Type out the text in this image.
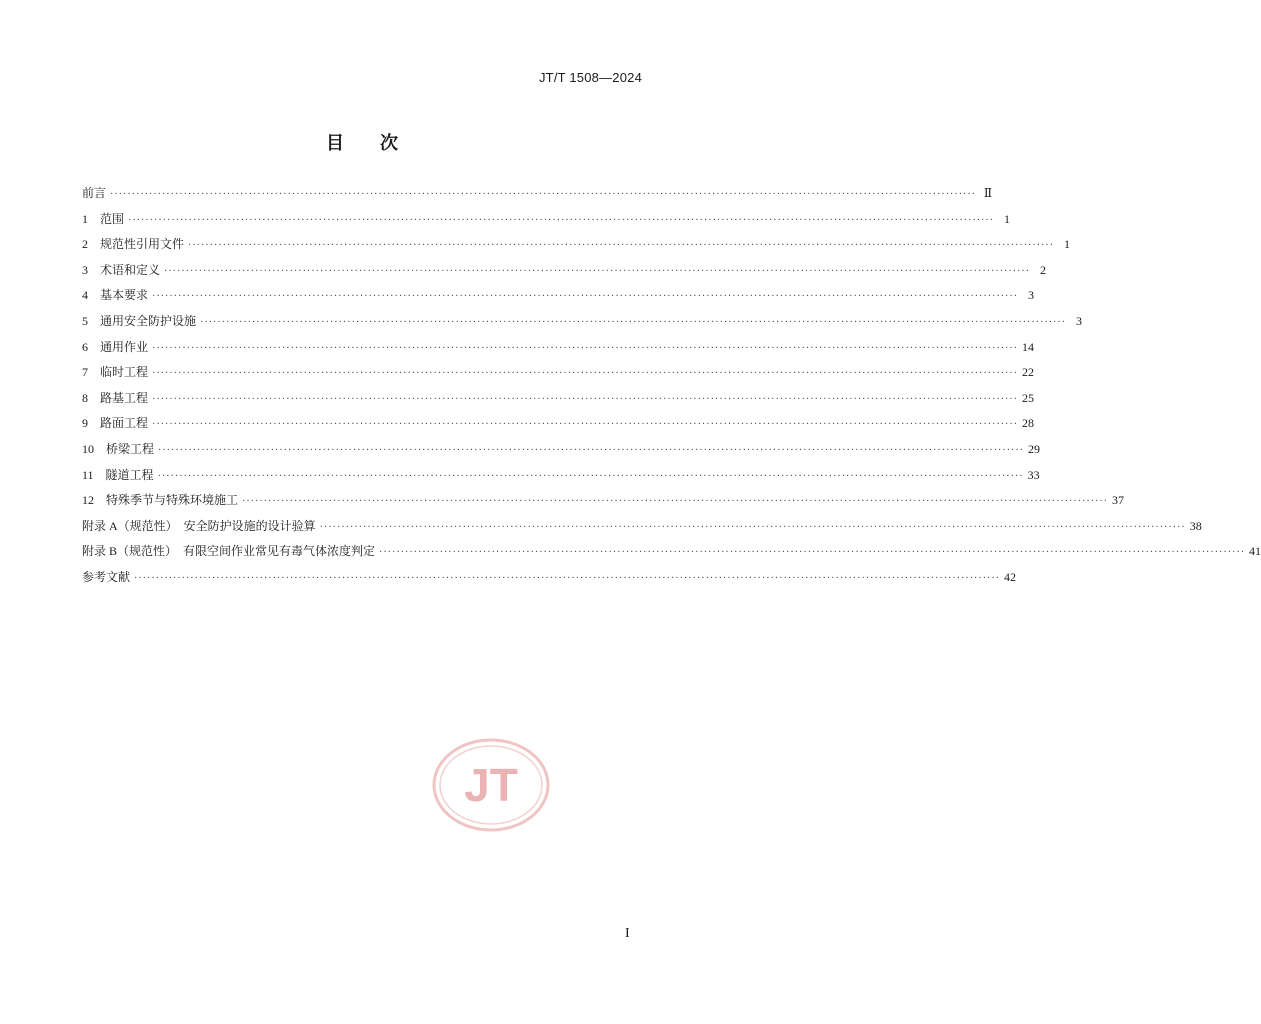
JT/T 1508—2024
目　　次
前言 ········································································································································································································ Ⅱ
1　范围 ········································································································································································································ 1
2　规范性引用文件 ········································································································································································································ 1
3　术语和定义 ········································································································································································································ 2
4　基本要求 ········································································································································································································ 3
5　通用安全防护设施 ········································································································································································································ 3
6　通用作业 ········································································································································································································ 14
7　临时工程 ········································································································································································································ 22
8　路基工程 ········································································································································································································ 25
9　路面工程 ········································································································································································································ 28
10　桥梁工程 ········································································································································································································ 29
11　隧道工程 ········································································································································································································ 33
12　特殊季节与特殊环境施工 ········································································································································································································ 37
附录 A（规范性）　安全防护设施的设计验算 ········································································································································································································ 38
附录 B（规范性）　有限空间作业常见有毒气体浓度判定 ········································································································································································································ 41
参考文献 ········································································································································································································ 42
JT
I
